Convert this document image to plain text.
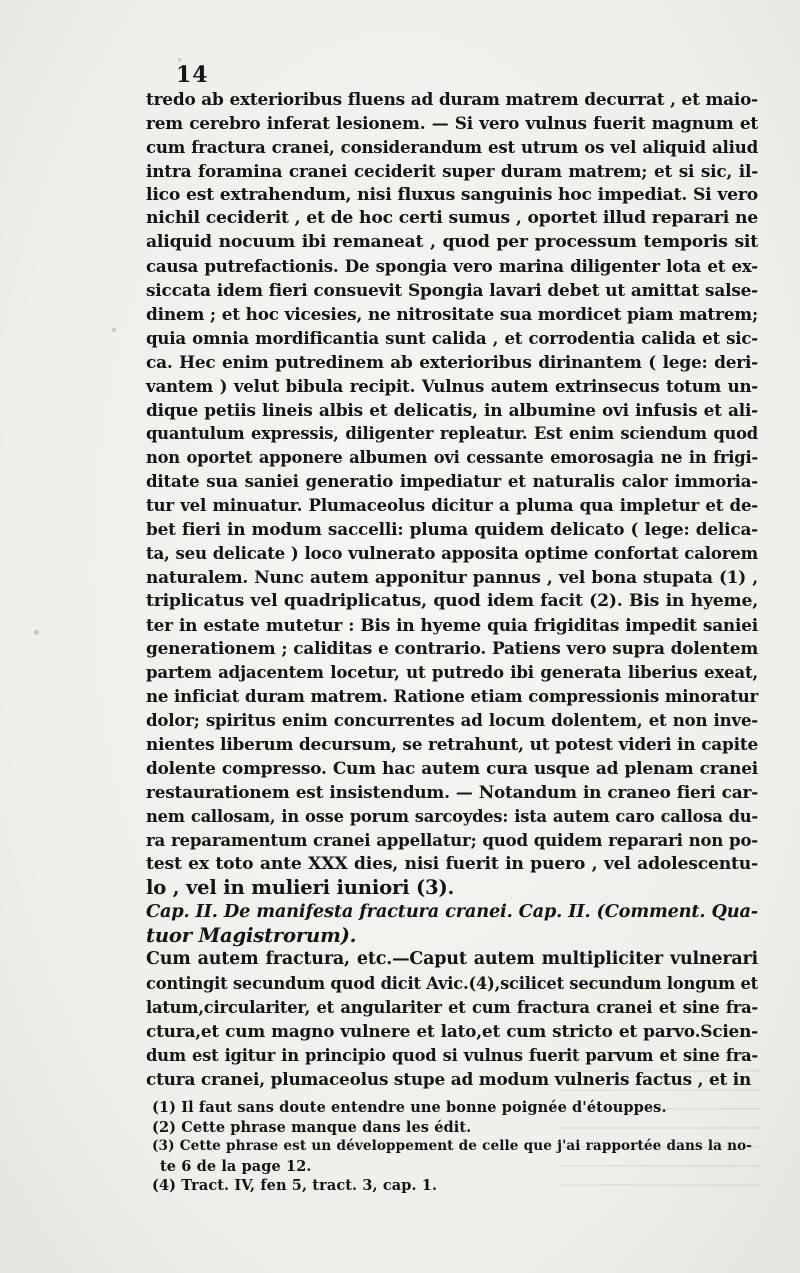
14
tredo ab exterioribus fluens ad duram matrem decurrat , et maio-
rem cerebro inferat lesionem. — Si vero vulnus fuerit magnum et
cum fractura cranei, considerandum est utrum os vel aliquid aliud
intra foramina cranei ceciderit super duram matrem; et si sic, il-
lico est extrahendum, nisi fluxus sanguinis hoc impediat. Si vero
nichil ceciderit , et de hoc certi sumus , oportet illud reparari ne
aliquid nocuum ibi remaneat , quod per processum temporis sit
causa putrefactionis. De spongia vero marina diligenter lota et ex-
siccata idem fieri consuevit Spongia lavari debet ut amittat salse-
dinem ; et hoc vicesies, ne nitrositate sua mordicet piam matrem;
quia omnia mordificantia sunt calida , et corrodentia calida et sic-
ca. Hec enim putredinem ab exterioribus dirinantem ( lege: deri-
vantem ) velut bibula recipit. Vulnus autem extrinsecus totum un-
dique petiis lineis albis et delicatis, in albumine ovi infusis et ali-
quantulum expressis, diligenter repleatur. Est enim sciendum quod
non oportet apponere albumen ovi cessante emorosagia ne in frigi-
ditate sua saniei generatio impediatur et naturalis calor immoria-
tur vel minuatur. Plumaceolus dicitur a pluma qua impletur et de-
bet fieri in modum saccelli: pluma quidem delicato ( lege: delica-
ta, seu delicate ) loco vulnerato apposita optime confortat calorem
naturalem. Nunc autem apponitur pannus , vel bona stupata (1) ,
triplicatus vel quadriplicatus, quod idem facit (2). Bis in hyeme,
ter in estate mutetur : Bis in hyeme quia frigiditas impedit saniei
generationem ; caliditas e contrario. Patiens vero supra dolentem
partem adjacentem locetur, ut putredo ibi generata liberius exeat,
ne inficiat duram matrem. Ratione etiam compressionis minoratur
dolor; spiritus enim concurrentes ad locum dolentem, et non inve-
nientes liberum decursum, se retrahunt, ut potest videri in capite
dolente compresso. Cum hac autem cura usque ad plenam cranei
restaurationem est insistendum. — Notandum in craneo fieri car-
nem callosam, in osse porum sarcoydes: ista autem caro callosa du-
ra reparamentum cranei appellatur; quod quidem reparari non po-
test ex toto ante XXX dies, nisi fuerit in puero , vel adolescentu-
lo , vel in mulieri iuniori (3).
Cap. II. De manifesta fractura cranei. Cap. II. (Comment. Qua-
tuor Magistrorum).
Cum autem fractura, etc.—Caput autem multipliciter vulnerari
contingit secundum quod dicit Avic.(4),scilicet secundum longum et
latum,circulariter, et angulariter et cum fractura cranei et sine fra-
ctura,et cum magno vulnere et lato,et cum stricto et parvo.Scien-
dum est igitur in principio quod si vulnus fuerit parvum et sine fra-
ctura cranei, plumaceolus stupe ad modum vulneris factus , et in
(1) Il faut sans doute entendre une bonne poignée d'étouppes.
(2) Cette phrase manque dans les édit.
(3) Cette phrase est un développement de celle que j'ai rapportée dans la no-
te 6 de la page 12.
(4) Tract. IV, fen 5, tract. 3, cap. 1.
